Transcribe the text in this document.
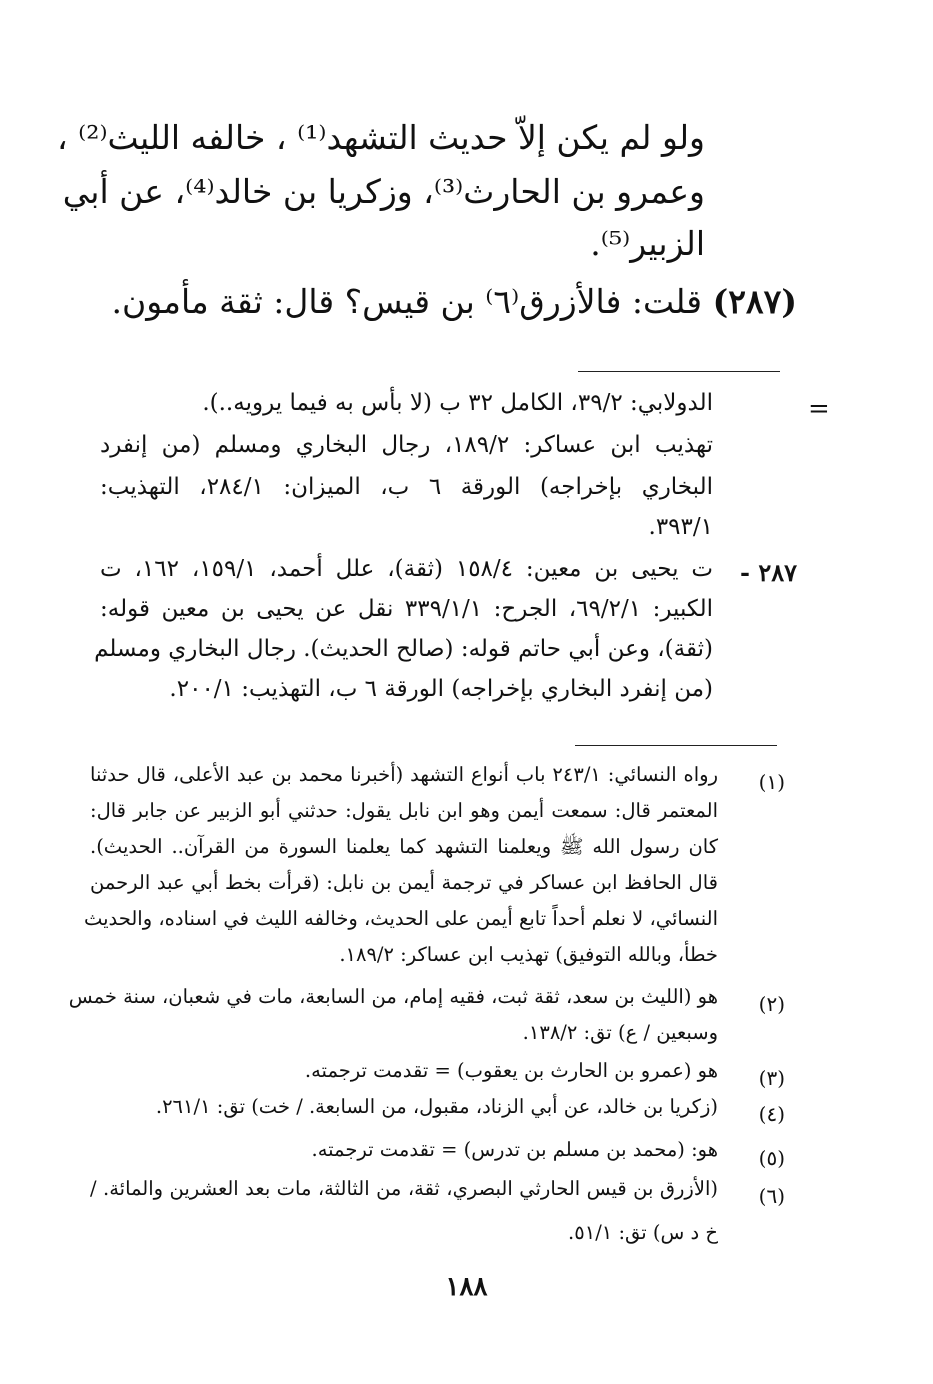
ولو لم يكن إلاّ حديث التشهد⁽¹⁾ ، خالفه الليث⁽²⁾ ،
وعمرو بن الحارث⁽³⁾، وزكريا بن خالد⁽⁴⁾، عن أبي
الزبير⁽⁵⁾.
(٢٨٧) قلت: فالأزرق⁽٦⁾ بن قيس؟ قال: ثقة مأمون.
=
الدولابي: ٣٩/٢، الكامل ٣٢ ب (لا بأس به فيما يرويه..).
تهذيب ابن عساكر: ١٨٩/٢، رجال البخاري ومسلم (من إنفرد
البخاري بإخراجه) الورقة ٦ ب، الميزان: ٢٨٤/١، التهذيب:
٣٩٣/١.
٢٨٧ -
ت يحيى بن معين: ١٥٨/٤ (ثقة)، علل أحمد، ١٥٩/١، ١٦٢، ت
الكبير: ٦٩/٢/١، الجرح: ٣٣٩/١/١ نقل عن يحيى بن معين قوله:
(ثقة)، وعن أبي حاتم قوله: (صالح الحديث). رجال البخاري ومسلم
(من إنفرد البخاري بإخراجه) الورقة ٦ ب، التهذيب: ٢٠٠/١.
(١)
رواه النسائي: ٢٤٣/١ باب أنواع التشهد (أخبرنا محمد بن عبد الأعلى، قال حدثنا
المعتمر قال: سمعت أيمن وهو ابن نابل يقول: حدثني أبو الزبير عن جابر قال:
كان رسول الله ﷺ ويعلمنا التشهد كما يعلمنا السورة من القرآن.. الحديث).
قال الحافظ ابن عساكر في ترجمة أيمن بن نابل: (قرأت بخط أبي عبد الرحمن
النسائي، لا نعلم أحداً تابع أيمن على الحديث، وخالفه الليث في اسناده، والحديث
خطأ، وبالله التوفيق) تهذيب ابن عساكر: ١٨٩/٢.
(٢)
هو (الليث بن سعد، ثقة ثبت، فقيه إمام، من السابعة، مات في شعبان، سنة خمس
وسبعين / ع) تق: ١٣٨/٢.
(٣)
هو (عمرو بن الحارث بن يعقوب) = تقدمت ترجمته.
(٤)
(زكريا بن خالد، عن أبي الزناد، مقبول، من السابعة. / خت) تق: ٢٦١/١.
(٥)
هو: (محمد بن مسلم بن تدرس) = تقدمت ترجمته.
(٦)
(الأزرق بن قيس الحارثي البصري، ثقة، من الثالثة، مات بعد العشرين والمائة. /
خ د س) تق: ٥١/١.
١٨٨
